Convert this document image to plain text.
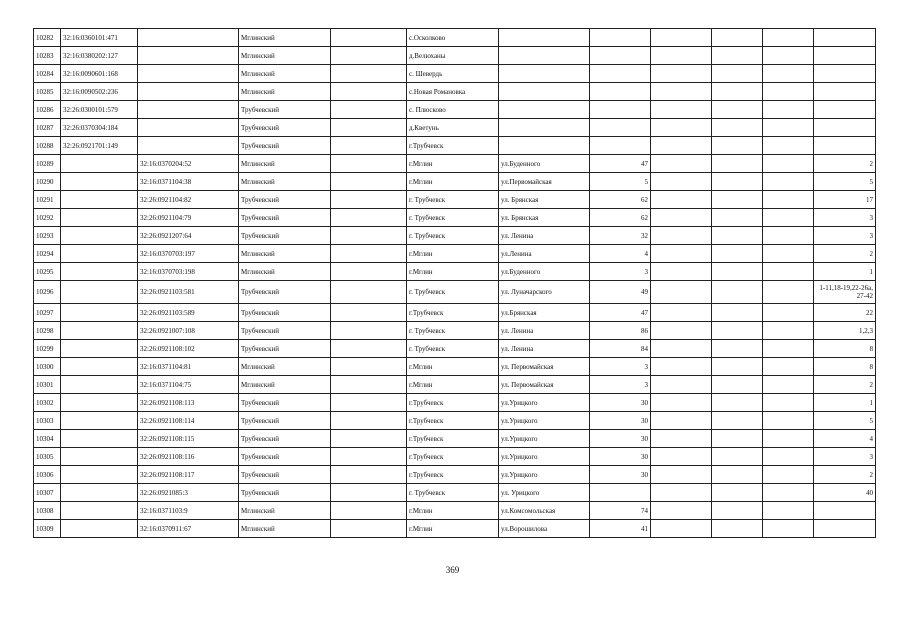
10282	32:16:0360101:471		Мглинский		с.Осколково						
10283	32:16:0380202:127		Мглинский		д.Велюханы						
10284	32:16:0090601:168		Мглинский		с. Шевердь						
10285	32:16:0090502:236		Мглинский		с.Новая Романовка						
10286	32:26:0300101:579		Трубчевский		с. Плюсково						
10287	32:26:0370304:184		Трубчевский		д.Кветунь						
10288	32:26:0921701:149		Трубчевский		г.Трубчевск						
10289		32:16:0370204:52	Мглинский		г.Мглин	ул.Буденного	47				2
10290		32:16:0371104:38	Мглинский		г.Мглин	ул.Первомайская	5				5
10291		32:26:0921104:82	Трубчевский		г. Трубчевск	ул. Брянская	62				17
10292		32:26:0921104:79	Трубчевский		г. Трубчевск	ул. Брянская	62				3
10293		32:26:0921207:64	Трубчевский		г. Трубчевск	ул. Ленина	32				3
10294		32:16:0370703:197	Мглинский		г.Мглин	ул.Ленина	4				2
10295		32:16:0370703:198	Мглинский		г.Мглин	ул.Буденного	3				1
10296		32:26:0921103:581	Трубчевский		г. Трубчевск	ул. Луначарского	49				1-11,18-19,22-26а, 27-42
10297		32:26:0921103:589	Трубчевский		г.Трубчевск	ул.Брянская	47				22
10298		32:26:0921007:108	Трубчевский		г. Трубчевск	ул. Ленина	86				1,2,3
10299		32:26:0921108:102	Трубчевский		г. Трубчевск	ул. Ленина	84				8
10300		32:16:0371104:81	Мглинский		г.Мглин	ул. Первомайская	3				8
10301		32:16:0371104:75	Мглинский		г.Мглин	ул. Первомайская	3				2
10302		32:26:0921108:113	Трубчевский		г.Трубчевск	ул.Урицкого	30				1
10303		32:26:0921108:114	Трубчевский		г.Трубчевск	ул.Урицкого	30				5
10304		32:26:0921108:115	Трубчевский		г.Трубчевск	ул.Урицкого	30				4
10305		32:26:0921108:116	Трубчевский		г.Трубчевск	ул.Урицкого	30				3
10306		32:26:0921108:117	Трубчевский		г.Трубчевск	ул.Урицкого	30				2
10307		32:26:0921085:3	Трубчевский		г. Трубчевск	ул. Урицкого					40
10308		32:16:0371103:9	Мглинский		г.Мглин	ул.Комсомольская	74				
10309		32:16:0370911:67	Мглинский		г.Мглин	ул.Ворошилова	41				
369
